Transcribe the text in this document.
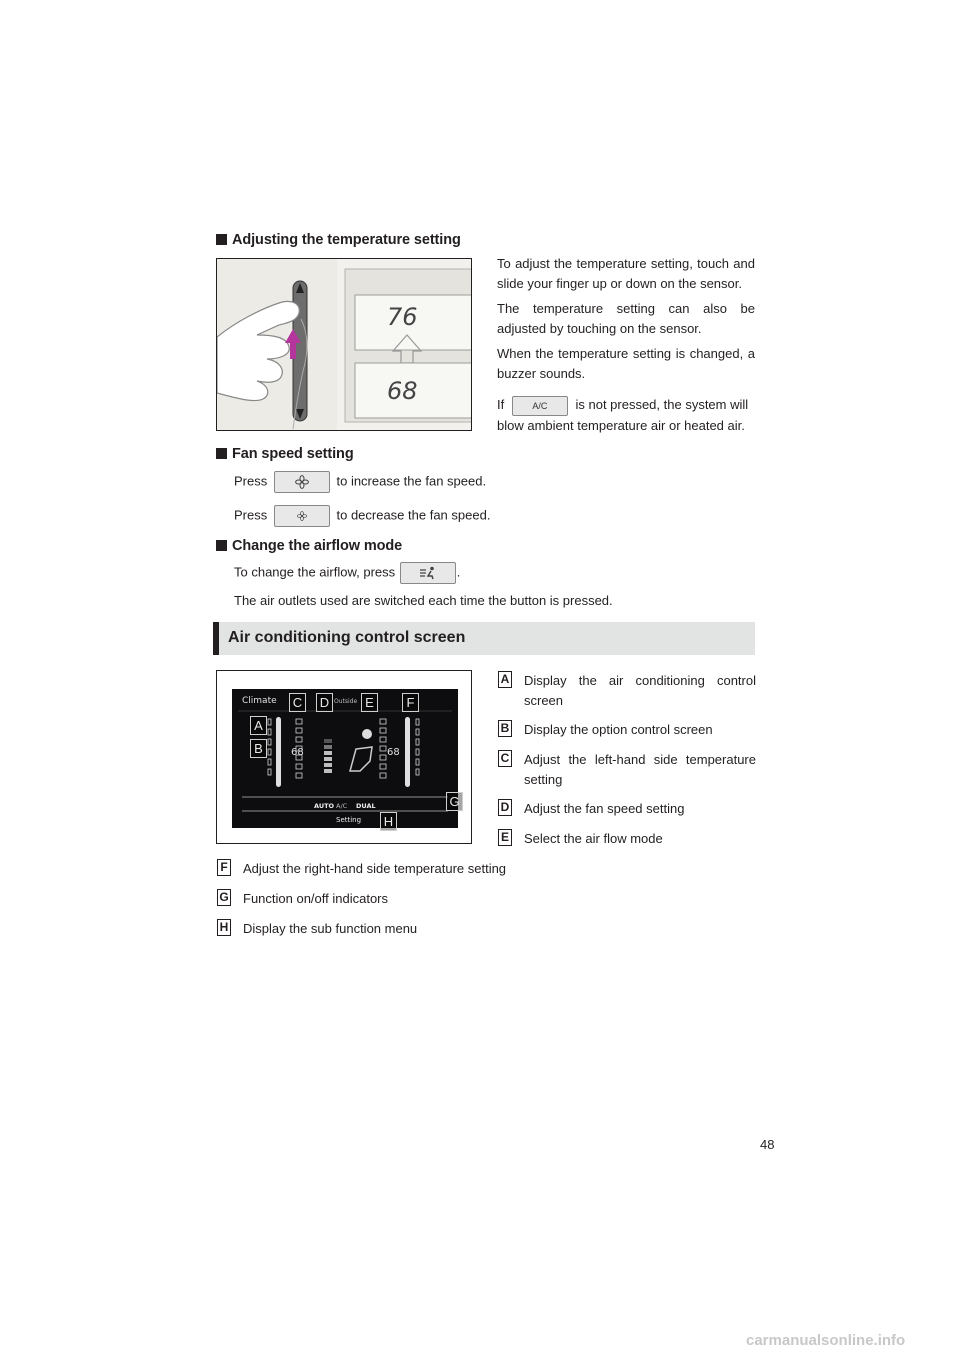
Adjusting the temperature setting
76
68
To adjust the temperature setting, touch and slide your finger up or down on the sensor.
The temperature setting can also be adjusted by touching on the sensor.
When the temperature setting is changed, a buzzer sounds.
If	A/C is not pressed, the system will blow ambient temperature air or heated air.
Fan speed setting
Press	to increase the fan speed.
Press	to decrease the fan speed.
Change the airflow mode
To change the airflow, press	.
The air outlets used are switched each time the button is pressed.
Air conditioning control screen
Climate	Outside
68	68
AUTO A/C DUAL
Setting
C D	E	F
A
B
G
H
A Display the air conditioning control screen
B Display the option control screen
C Adjust the left-hand side temperature setting
D Adjust the fan speed setting
E Select the air flow mode
F Adjust the right-hand side temperature setting
G Function on/off indicators
H Display the sub function menu
48
carmanualsonline.info
